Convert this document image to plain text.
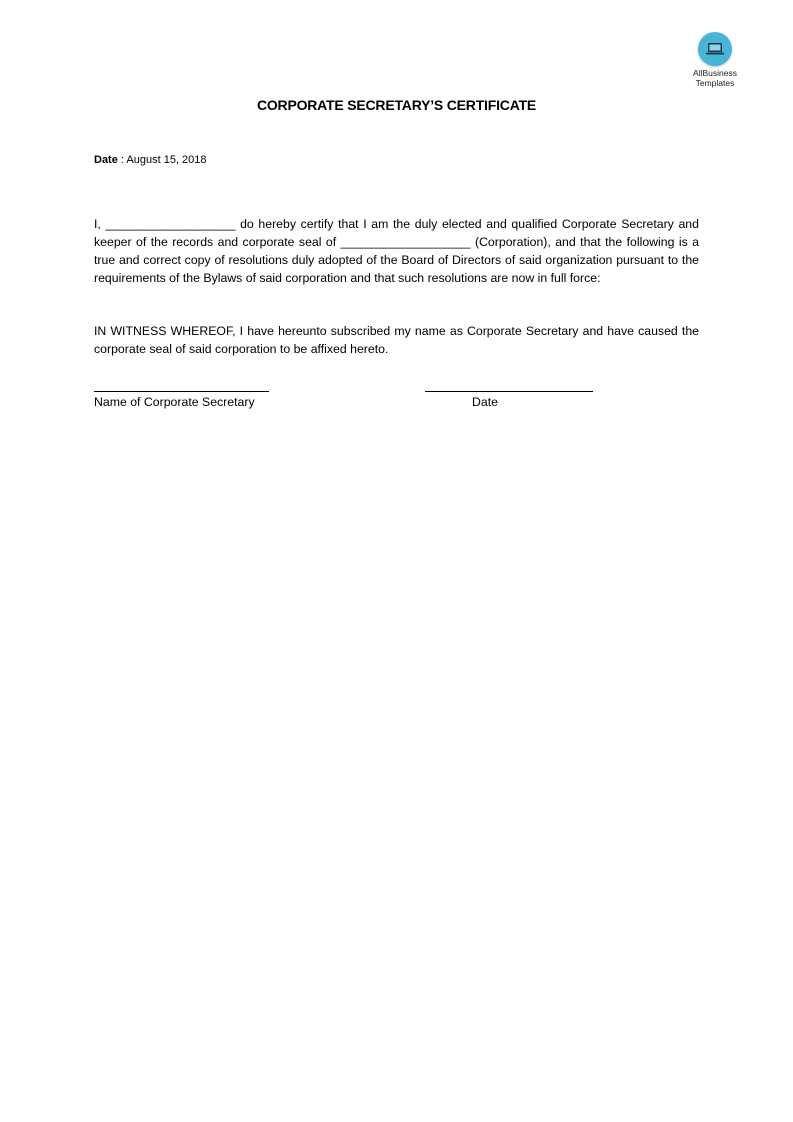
AllBusiness
Templates
CORPORATE SECRETARY’S CERTIFICATE
Date : August 15, 2018
I, ___________________ do hereby certify that I am the duly elected and qualified Corporate Secretary and keeper of the records and corporate seal of ___________________ (Corporation), and that the following is a true and correct copy of resolutions duly adopted of the Board of Directors of said organization pursuant to the requirements of the Bylaws of said corporation and that such resolutions are now in full force:
IN WITNESS WHEREOF, I have hereunto subscribed my name as Corporate Secretary and have caused the corporate seal of said corporation to be affixed hereto.
Name of Corporate Secretary	Date
